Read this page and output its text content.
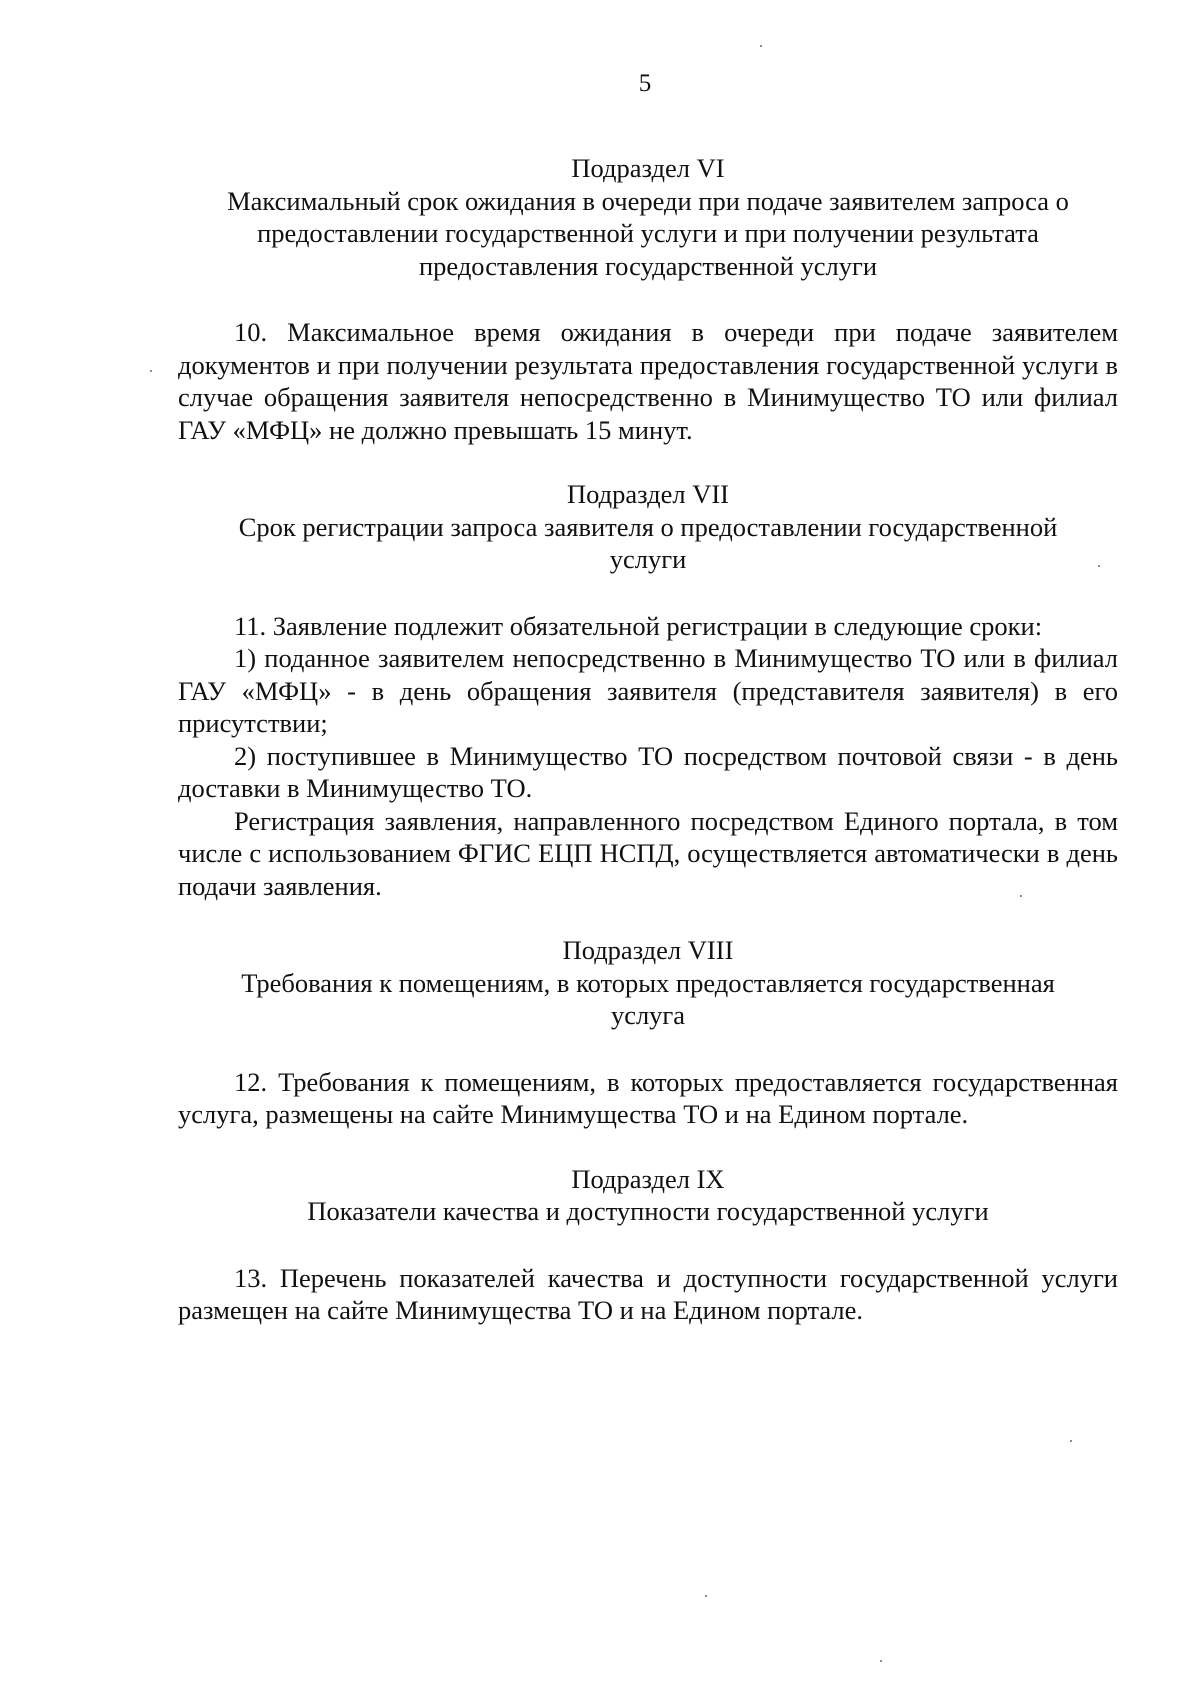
5

Подраздел VI

Максимальный срок ожидания в очереди при подаче заявителем запроса о
предоставлении государственной услуги и при получении результата
предоставления государственной услуги

10. Максимальное время ожидания в очереди при подаче заявителем документов и при получении результата предоставления государственной услуги в случае обращения заявителя непосредственно в Минимущество ТО или филиал ГАУ «МФЦ» не должно превышать 15 минут.

Подраздел VII

Срок регистрации запроса заявителя о предоставлении государственной
услуги

11. Заявление подлежит обязательной регистрации в следующие сроки:

1) поданное заявителем непосредственно в Минимущество ТО или в филиал ГАУ «МФЦ» - в день обращения заявителя (представителя заявителя) в его присутствии;

2) поступившее в Минимущество ТО посредством почтовой связи - в день доставки в Минимущество ТО.

Регистрация заявления, направленного посредством Единого портала, в том числе с использованием ФГИС ЕЦП НСПД, осуществляется автоматически в день подачи заявления.

Подраздел VIII

Требования к помещениям, в которых предоставляется государственная
услуга

12. Требования к помещениям, в которых предоставляется государственная услуга, размещены на сайте Минимущества ТО и на Едином портале.

Подраздел IX

Показатели качества и доступности государственной услуги

13. Перечень показателей качества и доступности государственной услуги размещен на сайте Минимущества ТО и на Едином портале.
